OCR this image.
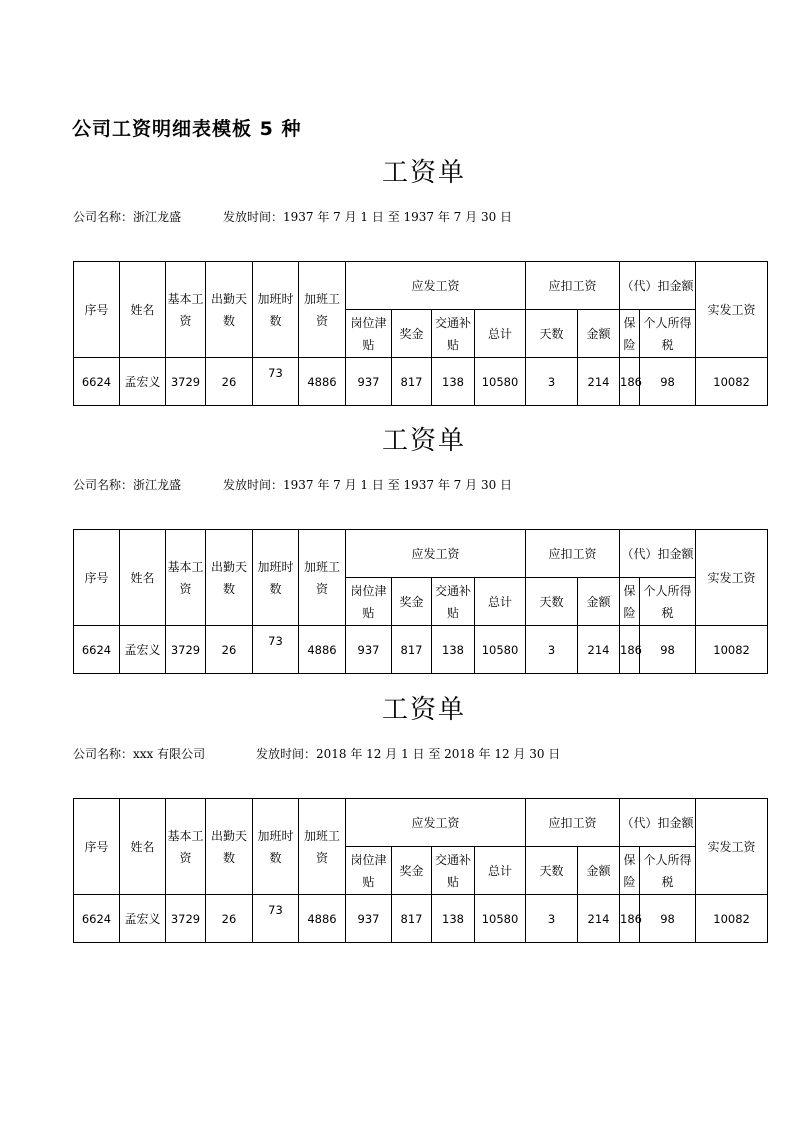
公司工资明细表模板 5 种
工资单
公司名称：浙江龙盛	发放时间：1937 年 7 月 1 日 至 1937 年 7 月 30 日
序号	姓名	基本工资	出勤天数	加班时数	加班工资	应发工资				应扣工资		（代）扣金额		实发工资
						岗位津贴	奖金	交通补贴	总计	天数	金额	保险	个人所得税	
6624	孟宏义	3729	26	73	4886	937	817	138	10580	3	214	186	98	10082
工资单
公司名称：浙江龙盛	发放时间：1937 年 7 月 1 日 至 1937 年 7 月 30 日
序号	姓名	基本工资	出勤天数	加班时数	加班工资	应发工资				应扣工资		（代）扣金额		实发工资
						岗位津贴	奖金	交通补贴	总计	天数	金额	保险	个人所得税	
6624	孟宏义	3729	26	73	4886	937	817	138	10580	3	214	186	98	10082
工资单
公司名称：xxx 有限公司	发放时间：2018 年 12 月 1 日 至 2018 年 12 月 30 日
序号	姓名	基本工资	出勤天数	加班时数	加班工资	应发工资				应扣工资		（代）扣金额		实发工资
						岗位津贴	奖金	交通补贴	总计	天数	金额	保险	个人所得税	
6624	孟宏义	3729	26	73	4886	937	817	138	10580	3	214	186	98	10082
